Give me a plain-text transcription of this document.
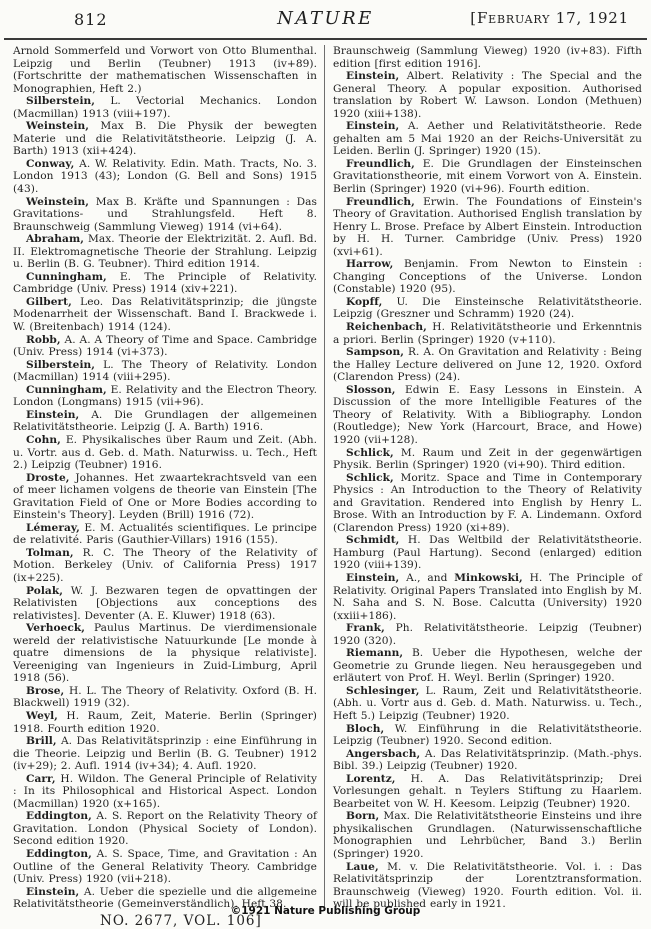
812	NATURE	[February 17, 1921

Arnold Sommerfeld und Vorwort von Otto Blumenthal. Leipzig und Berlin (Teubner) 1913 (iv+89). (Fortschritte der mathematischen Wissenschaften in Monographien, Heft 2.)

Silberstein, L. Vectorial Mechanics. London (Macmillan) 1913 (viii+197).

Weinstein, Max B. Die Physik der bewegten Materie und die Relativitätstheorie. Leipzig (J. A. Barth) 1913 (xii+424).

Conway, A. W. Relativity. Edin. Math. Tracts, No. 3. London 1913 (43); London (G. Bell and Sons) 1915 (43).

Weinstein, Max B. Kräfte und Spannungen : Das Gravitations- und Strahlungsfeld. Heft 8. Braunschweig (Sammlung Vieweg) 1914 (vi+64).

Abraham, Max. Theorie der Elektrizität. 2. Aufl. Bd. II. Elektromagnetische Theorie der Strahlung. Leipzig u. Berlin (B. G. Teubner). Third edition 1914.

Cunningham, E. The Principle of Relativity. Cambridge (Univ. Press) 1914 (xiv+221).

Gilbert, Leo. Das Relativitätsprinzip; die jüngste Modenarrheit der Wissenschaft. Band I. Brackwede i. W. (Breitenbach) 1914 (124).

Robb, A. A. A Theory of Time and Space. Cambridge (Univ. Press) 1914 (vi+373).

Silberstein, L. The Theory of Relativity. London (Macmillan) 1914 (viii+295).

Cunningham, E. Relativity and the Electron Theory. London (Longmans) 1915 (vii+96).

Einstein, A. Die Grundlagen der allgemeinen Relativitätstheorie. Leipzig (J. A. Barth) 1916.

Cohn, E. Physikalisches über Raum und Zeit. (Abh. u. Vortr. aus d. Geb. d. Math. Naturwiss. u. Tech., Heft 2.) Leipzig (Teubner) 1916.

Droste, Johannes. Het zwaartekrachtsveld van een of meer lichamen volgens de theorie van Einstein [The Gravitation Field of One or More Bodies according to Einstein's Theory]. Leyden (Brill) 1916 (72).

Lémeray, E. M. Actualités scientifiques. Le principe de relativité. Paris (Gauthier-Villars) 1916 (155).

Tolman, R. C. The Theory of the Relativity of Motion. Berkeley (Univ. of California Press) 1917 (ix+225).

Polak, W. J. Bezwaren tegen de opvattingen der Relativisten [Objections aux conceptions des relativistes]. Deventer (A. E. Kluwer) 1918 (63).

Verhoeck, Paulus Martinus. De vierdimensionale wereld der relativistische Natuurkunde [Le monde à quatre dimensions de la physique relativiste]. Vereeniging van Ingenieurs in Zuid-Limburg, April 1918 (56).

Brose, H. L. The Theory of Relativity. Oxford (B. H. Blackwell) 1919 (32).

Weyl, H. Raum, Zeit, Materie. Berlin (Springer) 1918. Fourth edition 1920.

Brill, A. Das Relativitätsprinzip : eine Einführung in die Theorie. Leipzig und Berlin (B. G. Teubner) 1912 (iv+29); 2. Aufl. 1914 (iv+34); 4. Aufl. 1920.

Carr, H. Wildon. The General Principle of Relativity : In its Philosophical and Historical Aspect. London (Macmillan) 1920 (x+165).

Eddington, A. S. Report on the Relativity Theory of Gravitation. London (Physical Society of London). Second edition 1920.

Eddington, A. S. Space, Time, and Gravitation : An Outline of the General Relativity Theory. Cambridge (Univ. Press) 1920 (vii+218).

Einstein, A. Ueber die spezielle und die allgemeine Relativitätstheorie (Gemeinverständlich). Heft 38.

Braunschweig (Sammlung Vieweg) 1920 (iv+83). Fifth edition [first edition 1916].

Einstein, Albert. Relativity : The Special and the General Theory. A popular exposition. Authorised translation by Robert W. Lawson. London (Methuen) 1920 (xiii+138).

Einstein, A. Aether und Relativitätstheorie. Rede gehalten am 5 Mai 1920 an der Reichs-Universität zu Leiden. Berlin (J. Springer) 1920 (15).

Freundlich, E. Die Grundlagen der Einsteinschen Gravitationstheorie, mit einem Vorwort von A. Einstein. Berlin (Springer) 1920 (vi+96). Fourth edition.

Freundlich, Erwin. The Foundations of Einstein's Theory of Gravitation. Authorised English translation by Henry L. Brose. Preface by Albert Einstein. Introduction by H. H. Turner. Cambridge (Univ. Press) 1920 (xvi+61).

Harrow, Benjamin. From Newton to Einstein : Changing Conceptions of the Universe. London (Constable) 1920 (95).

Kopff, U. Die Einsteinsche Relativitätstheorie. Leipzig (Greszner und Schramm) 1920 (24).

Reichenbach, H. Relativitätstheorie und Erkenntnis a priori. Berlin (Springer) 1920 (v+110).

Sampson, R. A. On Gravitation and Relativity : Being the Halley Lecture delivered on June 12, 1920. Oxford (Clarendon Press) (24).

Slosson, Edwin E. Easy Lessons in Einstein. A Discussion of the more Intelligible Features of the Theory of Relativity. With a Bibliography. London (Routledge); New York (Harcourt, Brace, and Howe) 1920 (vii+128).

Schlick, M. Raum und Zeit in der gegenwärtigen Physik. Berlin (Springer) 1920 (vi+90). Third edition.

Schlick, Moritz. Space and Time in Contemporary Physics : An Introduction to the Theory of Relativity and Gravitation. Rendered into English by Henry L. Brose. With an Introduction by F. A. Lindemann. Oxford (Clarendon Press) 1920 (xi+89).

Schmidt, H. Das Weltbild der Relativitätstheorie. Hamburg (Paul Hartung). Second (enlarged) edition 1920 (viii+139).

Einstein, A., and Minkowski, H. The Principle of Relativity. Original Papers Translated into English by M. N. Saha and S. N. Bose. Calcutta (University) 1920 (xxiii+186).

Frank, Ph. Relativitätstheorie. Leipzig (Teubner) 1920 (320).

Riemann, B. Ueber die Hypothesen, welche der Geometrie zu Grunde liegen. Neu herausgegeben und erläutert von Prof. H. Weyl. Berlin (Springer) 1920.

Schlesinger, L. Raum, Zeit und Relativitätstheorie. (Abh. u. Vortr aus d. Geb. d. Math. Naturwiss. u. Tech., Heft 5.) Leipzig (Teubner) 1920.

Bloch, W. Einführung in die Relativitätstheorie. Leipzig (Teubner) 1920. Second edition.

Angersbach, A. Das Relativitätsprinzip. (Math.-phys. Bibl. 39.) Leipzig (Teubner) 1920.

Lorentz, H. A. Das Relativitätsprinzip; Drei Vorlesungen gehalt. n Teylers Stiftung zu Haarlem. Bearbeitet von W. H. Keesom. Leipzig (Teubner) 1920.

Born, Max. Die Relativitätstheorie Einsteins und ihre physikalischen Grundlagen. (Naturwissenschaftliche Monographien und Lehrbücher, Band 3.) Berlin (Springer) 1920.

Laue, M. v. Die Relativitätstheorie. Vol. i. : Das Relativitätsprinzip der Lorentztransformation. Braunschweig (Vieweg) 1920. Fourth edition. Vol. ii. will be published early in 1921.

NO. 2677, VOL. 106]
©1921 Nature Publishing Group
